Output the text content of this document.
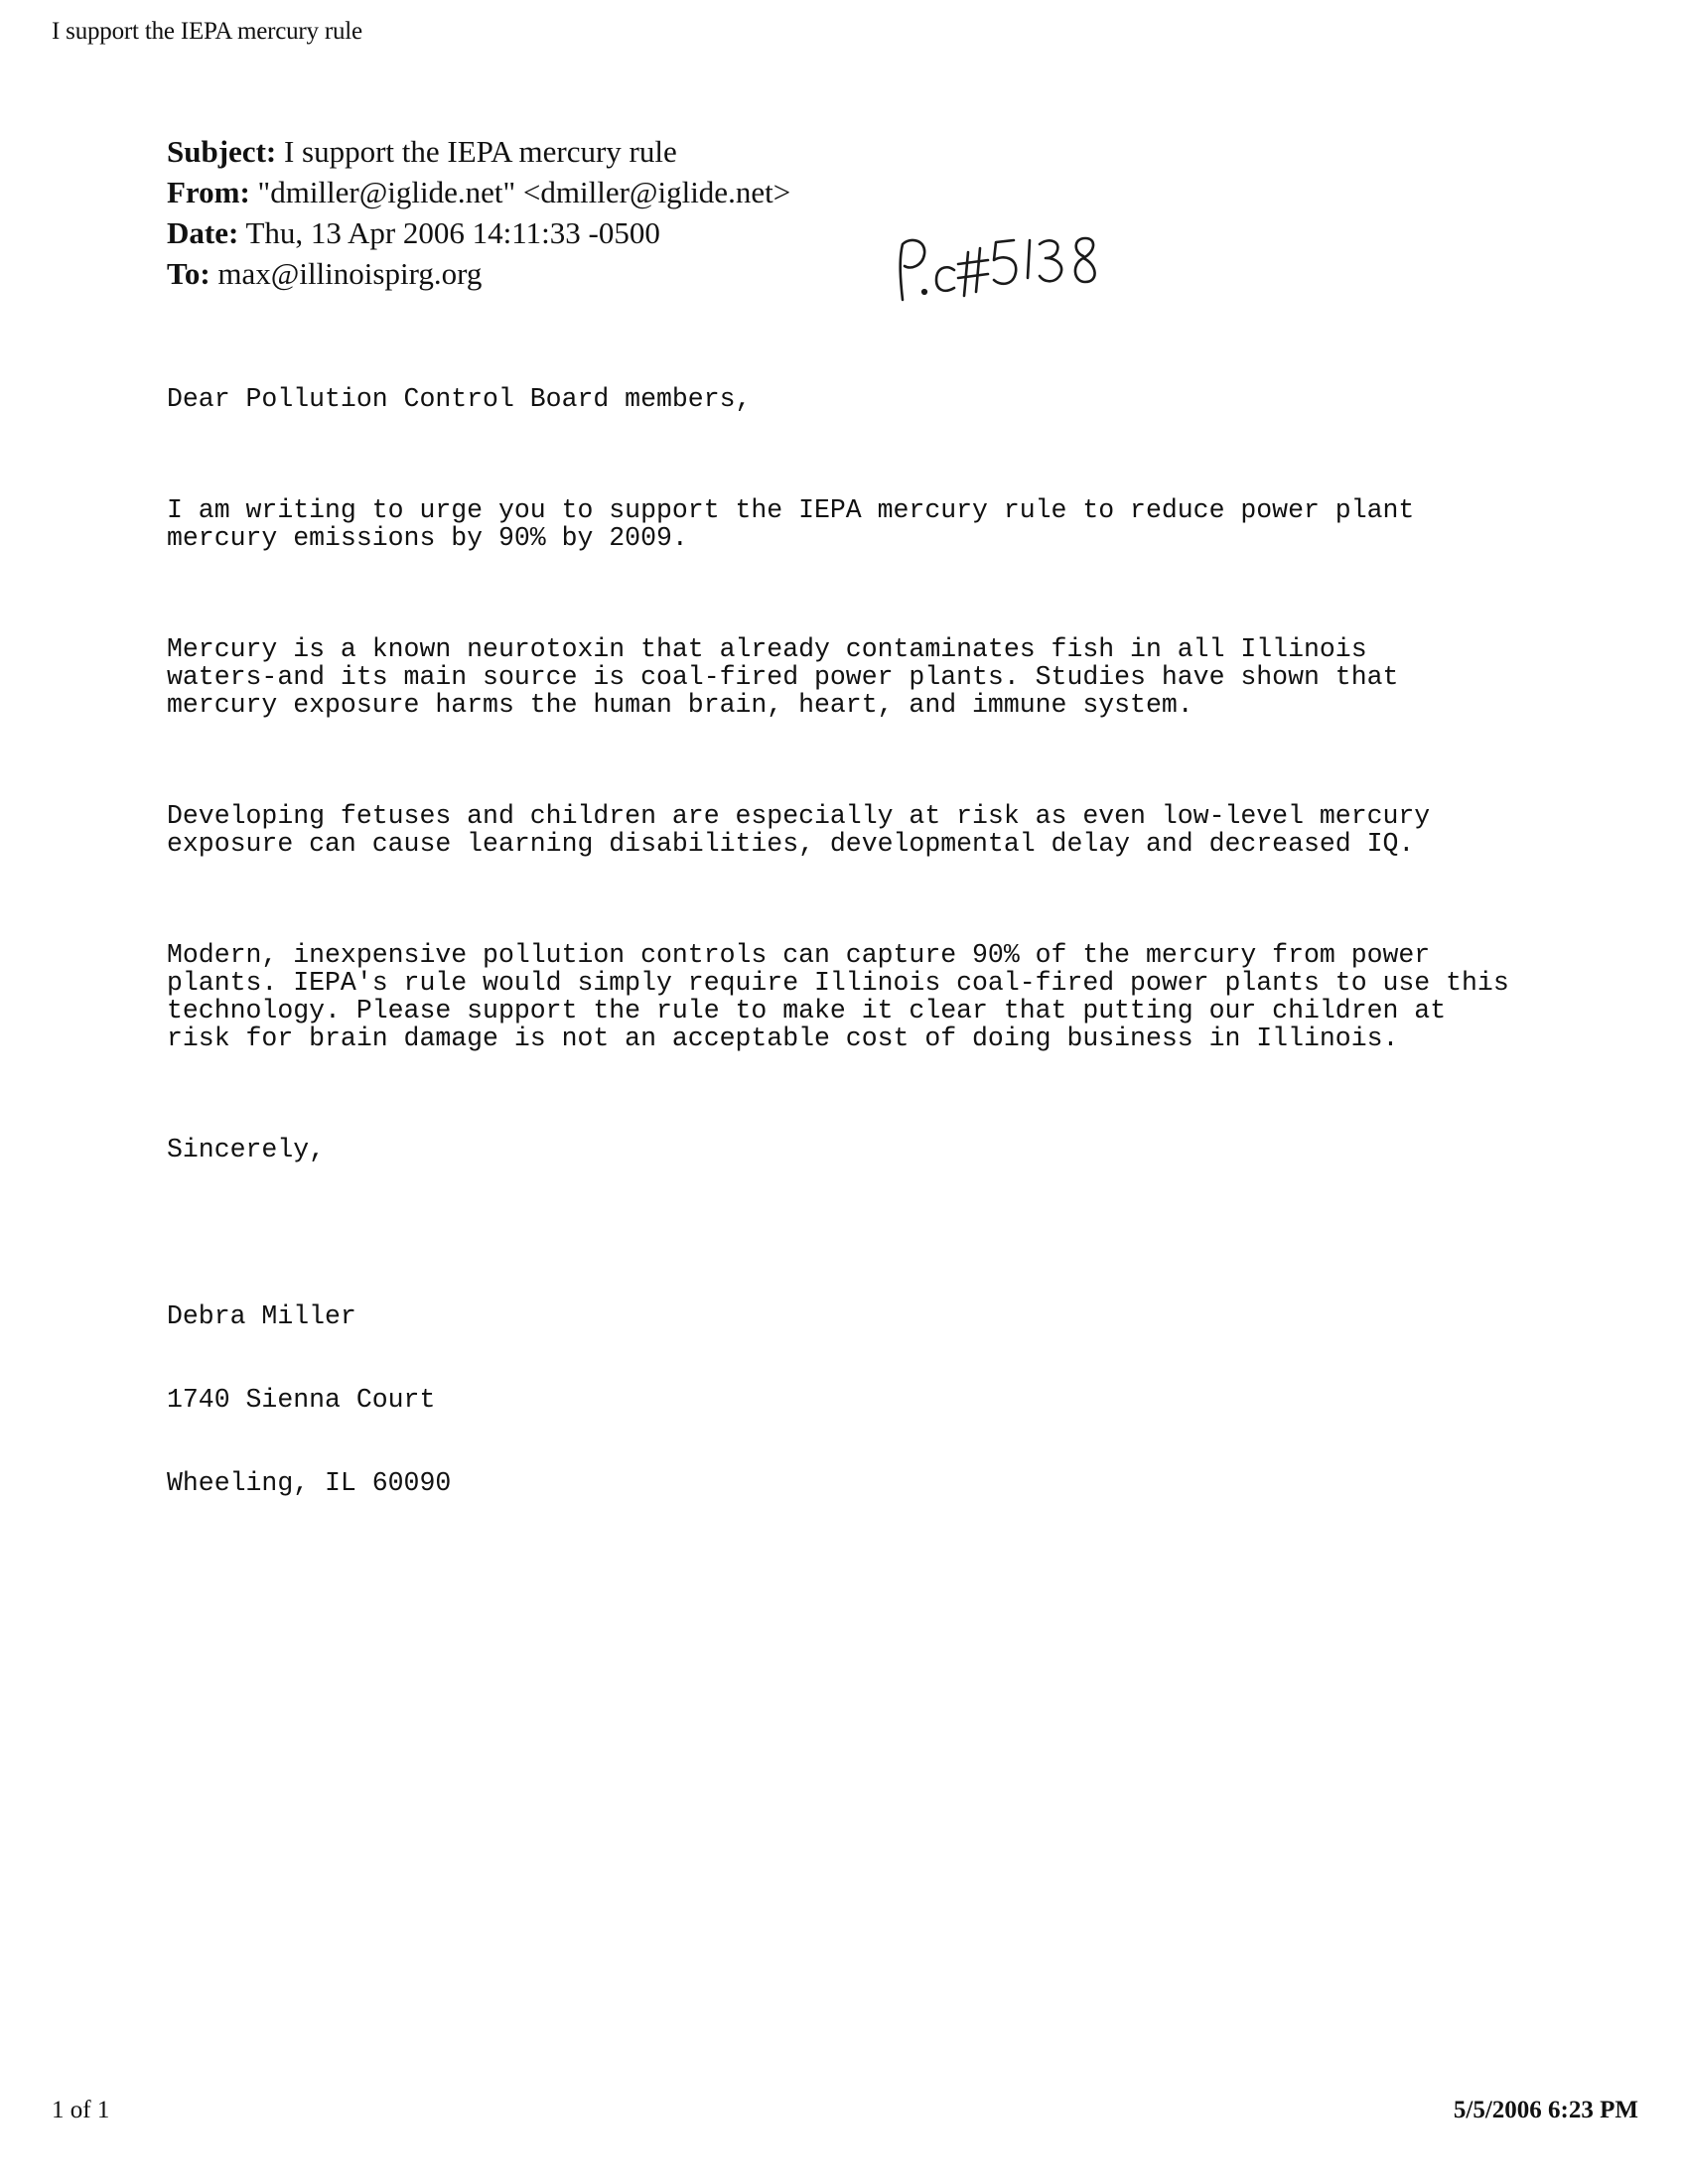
I support the IEPA mercury rule
Subject: I support the IEPA mercury rule
From: "dmiller@iglide.net" <dmiller@iglide.net>
Date: Thu, 13 Apr 2006 14:11:33 -0500
To: max@illinoispirg.org

Dear Pollution Control Board members,

I am writing to urge you to support the IEPA mercury rule to reduce power plant
mercury emissions by 90% by 2009.

Mercury is a known neurotoxin that already contaminates fish in all Illinois
waters-and its main source is coal-fired power plants. Studies have shown that
mercury exposure harms the human brain, heart, and immune system.

Developing fetuses and children are especially at risk as even low-level mercury
exposure can cause learning disabilities, developmental delay and decreased IQ.

Modern, inexpensive pollution controls can capture 90% of the mercury from power
plants. IEPA's rule would simply require Illinois coal-fired power plants to use this
technology. Please support the rule to make it clear that putting our children at
risk for brain damage is not an acceptable cost of doing business in Illinois.

Sincerely,

Debra Miller

1740 Sienna Court

Wheeling, IL 60090

1 of 1	5/5/2006 6:23 PM
